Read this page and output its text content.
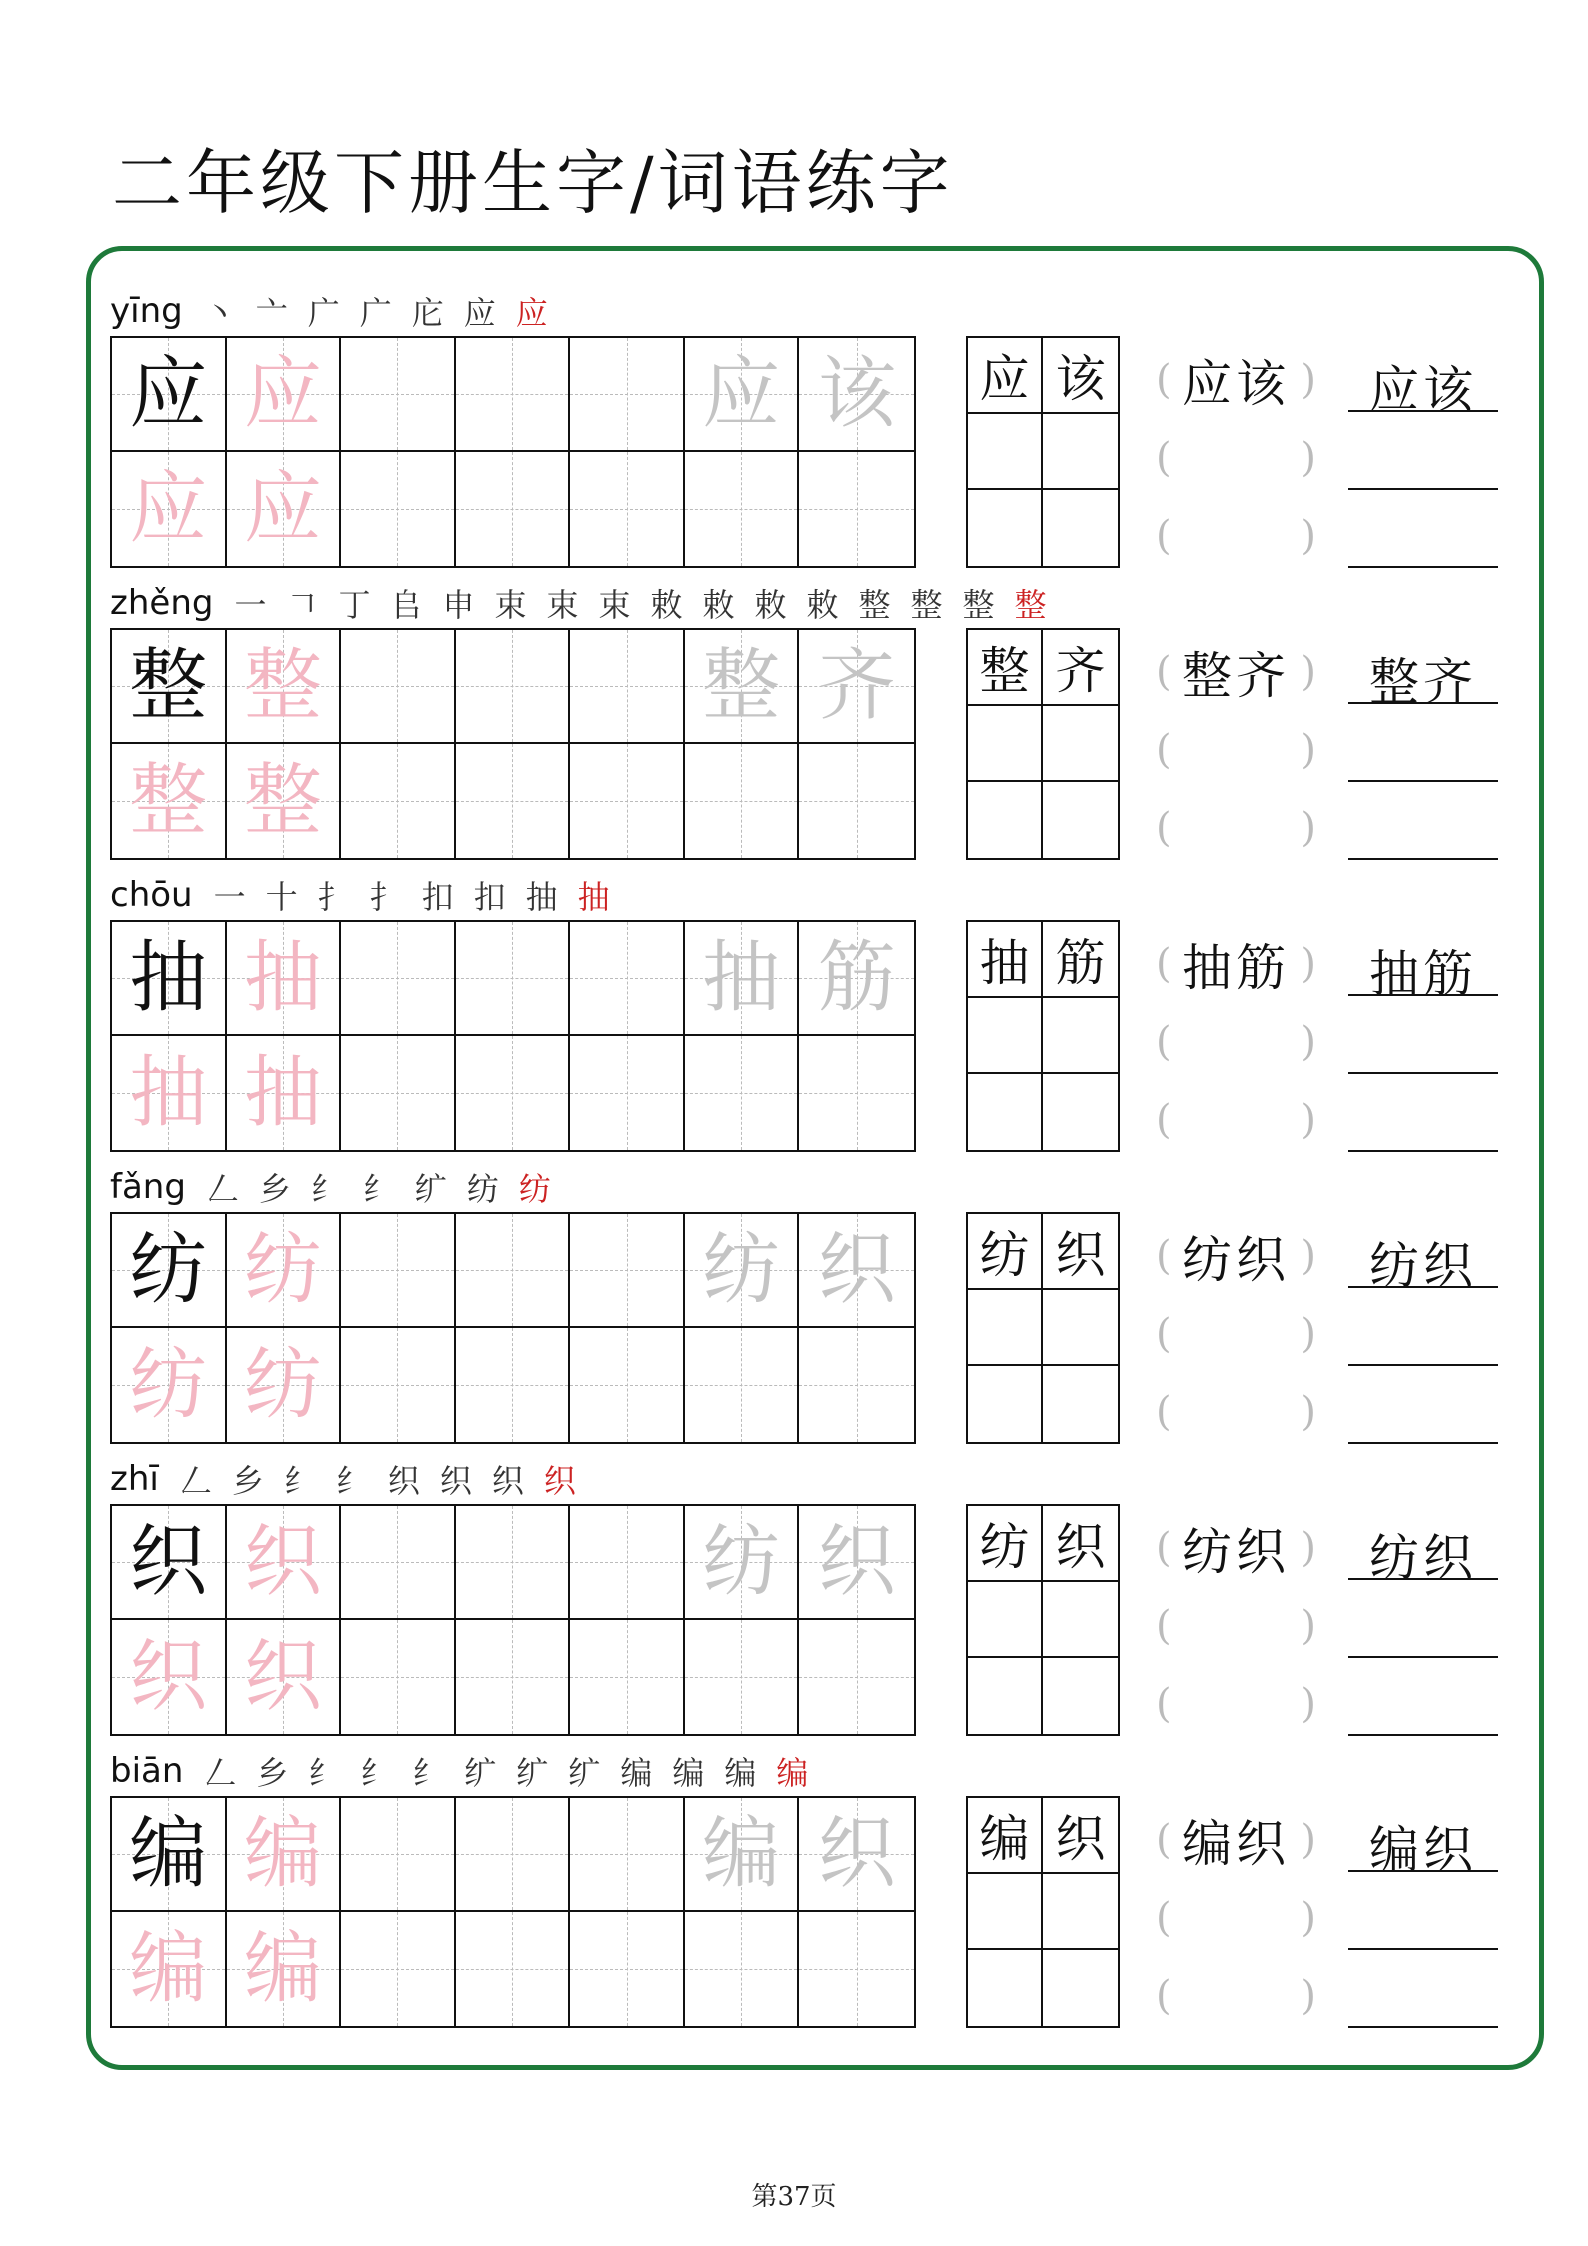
二年级下册生字/词语练字
yīng 丶 亠 广 广 庀 应 应
应 应	应 该
应 应
应 该	( 应该 )
(	)
(	)
应该
zhěng 一 𠃍 丁 𠂤 申 束 束 束 敕 敕 敕 敕 整 整 整 整
整 整	整 齐
整 整
整 齐	( 整齐 )
(	)
(	)
整齐
chōu 一 十 扌 扌 扣 扣 抽 抽
抽 抽	抽 筋
抽 抽
抽 筋	( 抽筋 )
(	)
(	)
抽筋
fǎng 𠃋 乡 纟 纟 纩 纺 纺
纺 纺	纺 织
纺 纺
纺 织	( 纺织 )
(	)
(	)
纺织
zhī 𠃋 乡 纟 纟 织 织 织 织
织 织	纺 织
织 织
纺 织	( 纺织 )
(	)
(	)
纺织
biān 𠃋 乡 纟 纟 纟 纩 纩 纩 编 编 编 编
编 编	编 织
编 编
编 织	( 编织 )
(	)
(	)
编织
第37页
